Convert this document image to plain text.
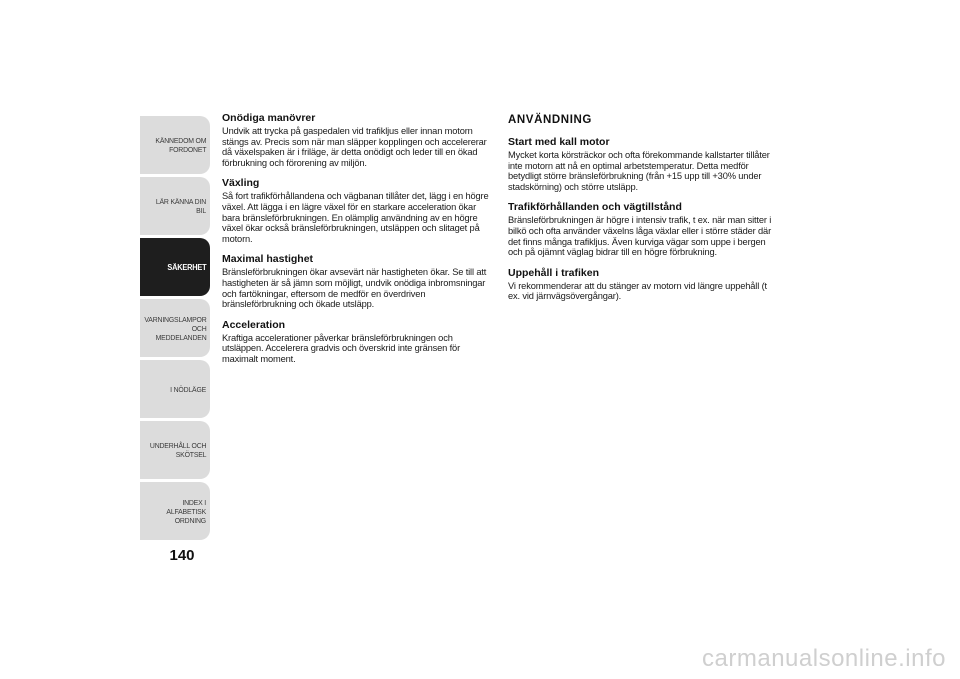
KÄNNEDOM OM
FORDONET
LÄR KÄNNA DIN BIL
SÄKERHET
VARNINGSLAMPOR
OCH MEDDELANDEN
I NÖDLÄGE
UNDERHÅLL OCH
SKÖTSEL
INDEX I ALFABETISK
ORDNING
140
Onödiga manövrer

Undvik att trycka på gaspedalen vid trafikljus eller innan motorn stängs av. Precis som när man släpper kopplingen och accelererar då växelspaken är i friläge, är detta onödigt och leder till en ökad förbrukning och förorening av miljön.

Växling

Så fort trafikförhållandena och vägbanan tillåter det, lägg i en högre växel. Att lägga i en lägre växel för en starkare acceleration ökar bara bränsleförbrukningen. En olämplig användning av en högre växel ökar också bränsleförbrukningen, utsläppen och slitaget på motorn.

Maximal hastighet

Bränsleförbrukningen ökar avsevärt när hastigheten ökar. Se till att hastigheten är så jämn som möjligt, undvik onödiga inbromsningar och fartökningar, eftersom de medför en överdriven bränsleförbrukning och ökade utsläpp.

Acceleration

Kraftiga accelerationer påverkar bränsleförbrukningen och utsläppen. Accelerera gradvis och överskrid inte gränsen för maximalt moment.

ANVÄNDNING
Start med kall motor

Mycket korta körsträckor och ofta förekommande kallstarter tillåter inte motorn att nå en optimal arbetstemperatur. Detta medför betydligt större bränsleförbrukning (från +15 upp till +30% under stadskörning) och större utsläpp.

Trafikförhållanden och vägtillstånd

Bränsleförbrukningen är högre i intensiv trafik, t ex. när man sitter i bilkö och ofta använder växelns låga växlar eller i större städer där det finns många trafikljus. Även kurviga vägar som uppe i bergen och på ojämnt väglag bidrar till en högre förbrukning.

Uppehåll i trafiken

Vi rekommenderar att du stänger av motorn vid längre uppehåll (t ex. vid järnvägsövergångar).

carmanualsonline.info
